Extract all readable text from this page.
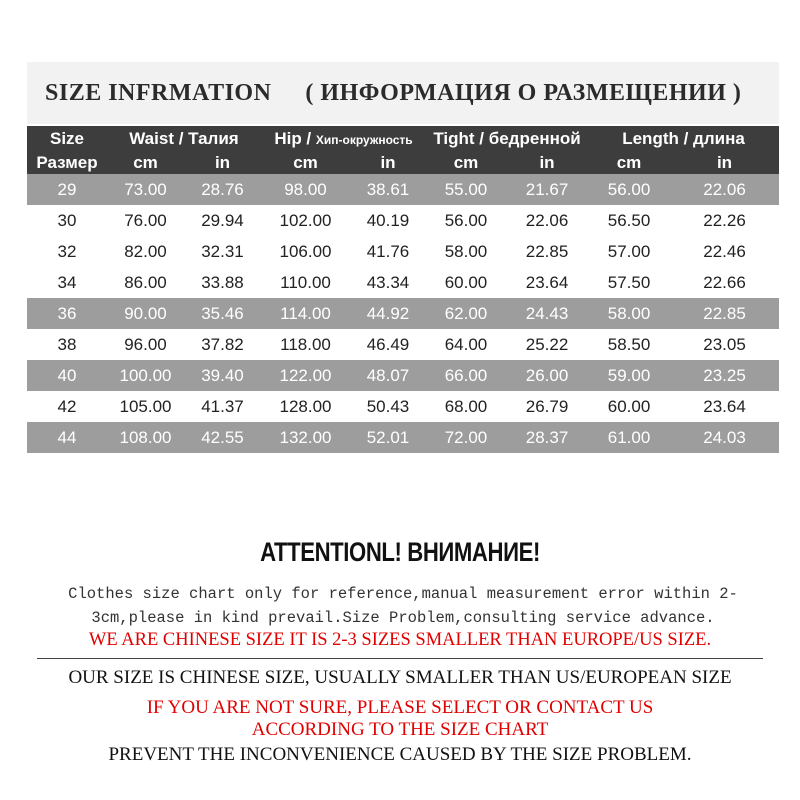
SIZE INFRMATION ( ИНФОРМАЦИЯ О РАЗМЕЩЕНИИ )
Size	Waist / Талия		Hip / Хип-окружность		Tight / бедренной		Length / длина	
Размер	cm	in	cm	in	cm	in	cm	in
29	73.00	28.76	98.00	38.61	55.00	21.67	56.00	22.06
30	76.00	29.94	102.00	40.19	56.00	22.06	56.50	22.26
32	82.00	32.31	106.00	41.76	58.00	22.85	57.00	22.46
34	86.00	33.88	110.00	43.34	60.00	23.64	57.50	22.66
36	90.00	35.46	114.00	44.92	62.00	24.43	58.00	22.85
38	96.00	37.82	118.00	46.49	64.00	25.22	58.50	23.05
40	100.00	39.40	122.00	48.07	66.00	26.00	59.00	23.25
42	105.00	41.37	128.00	50.43	68.00	26.79	60.00	23.64
44	108.00	42.55	132.00	52.01	72.00	28.37	61.00	24.03
ATTENTIONL! ВНИМАНИЕ!
Clothes size chart only for reference,manual measurement error within 2-
3cm,please in kind prevail.Size Problem,consulting service advance.
WE ARE CHINESE SIZE IT IS 2-3 SIZES SMALLER THAN EUROPE/US SIZE.
OUR SIZE IS CHINESE SIZE, USUALLY SMALLER THAN US/EUROPEAN SIZE
IF YOU ARE NOT SURE, PLEASE SELECT OR CONTACT US
ACCORDING TO THE SIZE CHART
PREVENT THE INCONVENIENCE CAUSED BY THE SIZE PROBLEM.
